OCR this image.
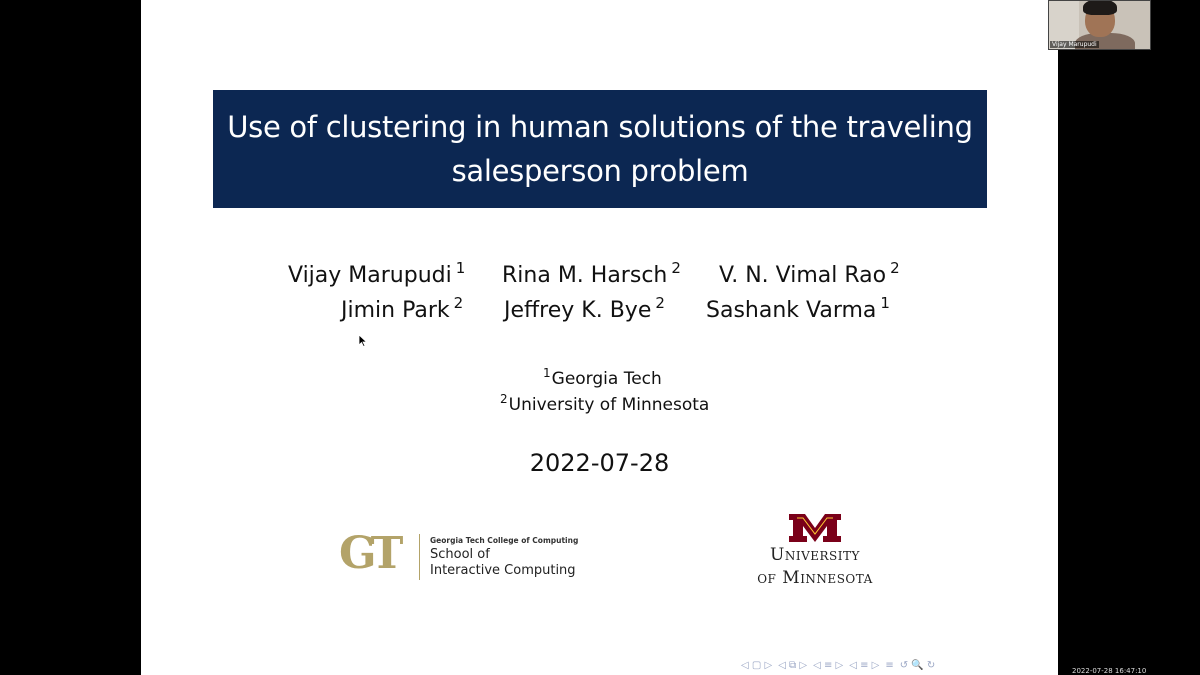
Use of clustering in human solutions of the traveling
salesperson problem
Vijay Marupudi $^1$ Rina M. Harsch $^2$ V. N. Vimal Rao $^2$
Jimin Park $^2$ Jeffrey K. Bye $^2$ Sashank Varma $^1$
$^1$Georgia Tech
$^2$University of Minnesota
2022-07-28
GT	Georgia Tech College of Computing
School of
Interactive Computing
University
of Minnesota
◁ ▢ ▷ ◁ ⧉ ▷ ◁ ≡ ▷ ◁ ≡ ▷ ≡ ↺ 🔍 ↻
Vijay Marupudi
2022-07-28 16:47:10
